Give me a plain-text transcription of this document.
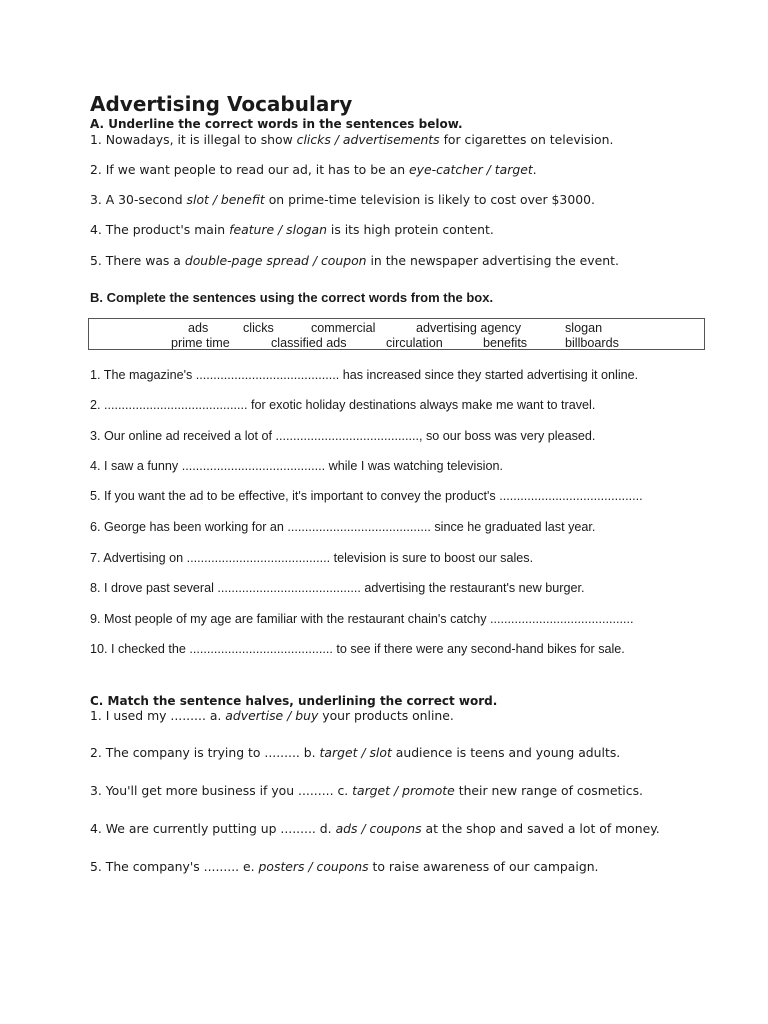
Advertising Vocabulary

A. Underline the correct words in the sentences below.

1. Nowadays, it is illegal to show clicks / advertisements for cigarettes on television.

2. If we want people to read our ad, it has to be an eye-catcher / target.

3. A 30-second slot / benefit on prime-time television is likely to cost over $3000.

4. The product's main feature / slogan is its high protein content.

5. There was a double-page spread / coupon in the newspaper advertising the event.

B. Complete the sentences using the correct words from the box.

ads	clicks	commercial	advertising agency	slogan
prime time	classified ads	circulation	benefits	billboards

1. The magazine's ......................................... has increased since they started advertising it online.

2. ......................................... for exotic holiday destinations always make me want to travel.

3. Our online ad received a lot of ........................................., so our boss was very pleased.

4. I saw a funny ......................................... while I was watching television.

5. If you want the ad to be effective, it's important to convey the product's .........................................

6. George has been working for an ......................................... since he graduated last year.

7. Advertising on ......................................... television is sure to boost our sales.

8. I drove past several ......................................... advertising the restaurant's new burger.

9. Most people of my age are familiar with the restaurant chain's catchy .........................................

10. I checked the ......................................... to see if there were any second-hand bikes for sale.

C. Match the sentence halves, underlining the correct word.

1. I used my ......... a. advertise / buy your products online.

2. The company is trying to ......... b. target / slot audience is teens and young adults.

3. You'll get more business if you ......... c. target / promote their new range of cosmetics.

4. We are currently putting up ......... d. ads / coupons at the shop and saved a lot of money.

5. The company's ......... e. posters / coupons to raise awareness of our campaign.
